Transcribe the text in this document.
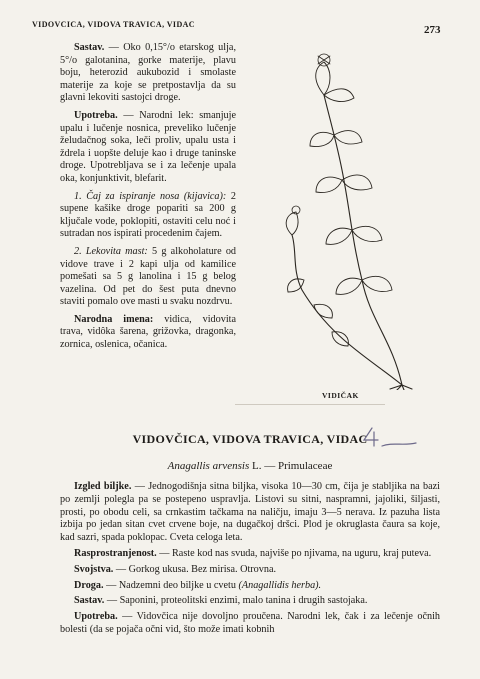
VIDOVCICA, VIDOVA TRAVICA, VIDAC	273

Sastav. — Oko 0,15°/o etarskog ulja, 5°/o galotanina, gorke materije, plavu boju, heterozid aukubozid i smolaste materije za koje se pretpostavlja da su glavni lekoviti sastojci droge.

Upotreba. — Narodni lek: smanjuje upalu i lučenje nosnica, preveliko lučenje želudačnog soka, leči proliv, upalu usta i ždrela i uopšte deluje kao i druge taninske droge. Upotrebljava se i za lečenje upala oka, konjunktivit, blefarit.

1. Čaj za ispiranje nosa (kijavica): 2 supene kašike droge popariti sa 200 g ključale vode, poklopiti, ostaviti celu noć i sutradan nos ispirati procedenim čajem.

2. Lekovita mast: 5 g alkoholature od vidove trave i 2 kapi ulja od kamilice pomešati sa 5 g lanolina i 15 g belog vazelina. Od pet do šest puta dnevno staviti pomalo ove masti u svaku nozdrvu.

Narodna imena: vidica, vidovita trava, vidôka šarena, grižovka, dragonka, zornica, oslenica, očanica.

VIDIČAK
VIDOVČICA, VIDOVA TRAVICA, VIDAC
Anagallis arvensis L. — Primulaceae

Izgled biljke. — Jednogodišnja sitna biljka, visoka 10—30 cm, čija je stabljika na bazi po zemlji polegla pa se postepeno uspravlja. Listovi su sitni, naspramni, jajoliki, šiljasti, prosti, po obodu celi, sa crnkastim tačkama na naličju, imaju 3—5 nerava. Iz pazuha lista izbija po jedan sitan cvet crvene boje, na dugačkoj dršci. Plod je okruglasta čaura sa koje, kad sazri, spada poklopac. Cveta celoga leta.

Rasprostranjenost. — Raste kod nas svuda, najviše po njivama, na uguru, kraj puteva.

Svojstva. — Gorkog ukusa. Bez mirisa. Otrovna.

Droga. — Nadzemni deo biljke u cvetu (Anagallidis herba).

Sastav. — Saponini, proteolitski enzimi, malo tanina i drugih sastojaka.

Upotreba. — Vidovčica nije dovoljno proučena. Narodni lek, čak i za lečenje očnih bolesti (da se pojača očni vid, što može imati kobnih
